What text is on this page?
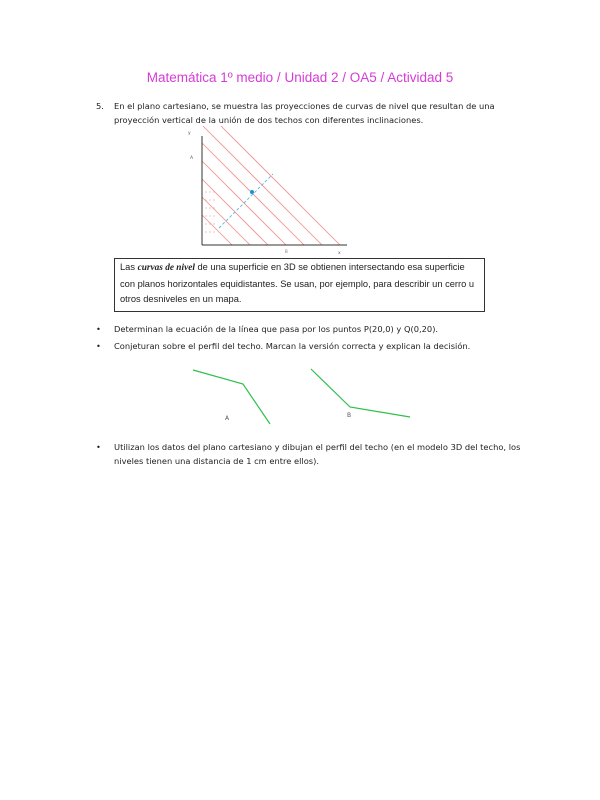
Matemática 1º medio / Unidad 2 / OA5 / Actividad 5
5. En el plano cartesiano, se muestra las proyecciones de curvas de nivel que resultan de una proyección vertical de la unión de dos techos con diferentes inclinaciones.
y
x
A
B
Las curvas de nivel de una superficie en 3D se obtienen intersectando esa superficie con planos horizontales equidistantes. Se usan, por ejemplo, para describir un cerro u otros desniveles en un mapa.
• Determinan la ecuación de la línea que pasa por los puntos P(20,0) y Q(0,20).
• Conjeturan sobre el perfil del techo. Marcan la versión correcta y explican la decisión.
A	B
• Utilizan los datos del plano cartesiano y dibujan el perfil del techo (en el modelo 3D del techo, los niveles tienen una distancia de 1 cm entre ellos).
